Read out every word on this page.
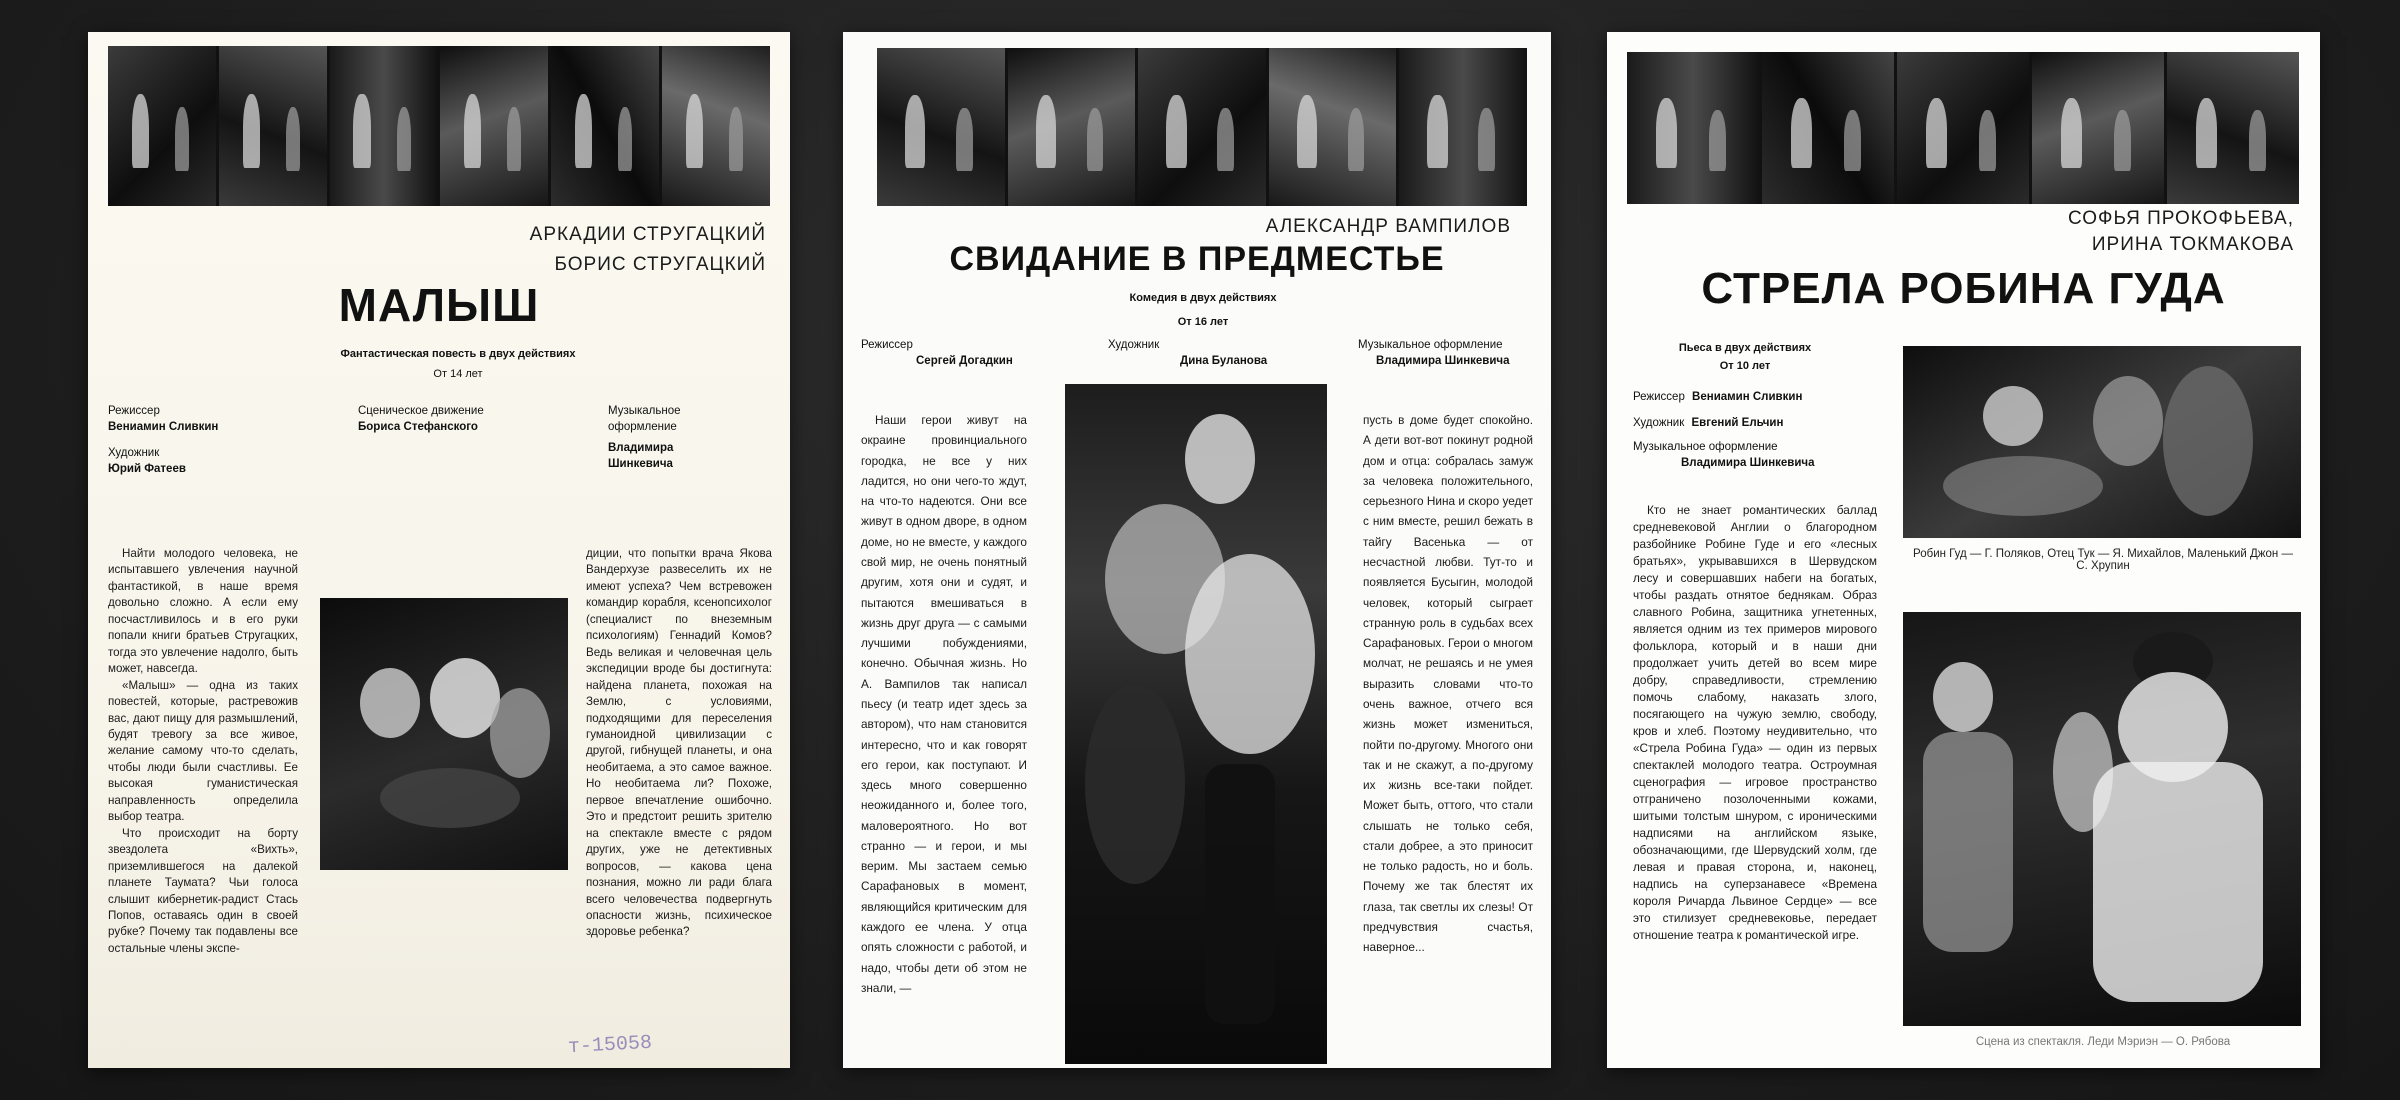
АРКАДИИ СТРУГАЦКИЙ
БОРИС СТРУГАЦКИЙ
МАЛЫШ
Фантастическая повесть в двух действиях
От 14 лет
Режиссер
Вениамин Сливкин
Сценическое движение
Бориса Стефанского
Музыкальное оформление
Владимира Шинкевича
Художник
Юрий Фатеев

Найти молодого человека, не испытавшего увлечения научной фантастикой, в наше время довольно сложно. А если ему посчастливилось и в его руки попали книги братьев Стругацких, тогда это увлечение надолго, быть может, навсегда.

«Малыш» — одна из таких повестей, которые, растревожив вас, дают пищу для размышлений, будят тревогу за все живое, желание самому что-то сделать, чтобы люди были счастливы. Ее высокая гуманистическая направленность определила выбор театра.

Что происходит на борту звездолета «Вихть», приземлившегося на далекой планете Таумата? Чьи голоса слышит кибернетик-радист Стась Попов, оставаясь один в своей рубке? Почему так подавлены все остальные члены экспе-

диции, что попытки врача Якова Вандерхузе развеселить их не имеют успеха? Чем встревожен командир корабля, ксенопсихолог (специалист по внеземным психологиям) Геннадий Комов? Ведь великая и человечная цель экспедиции вроде бы достигнута: найдена планета, похожая на Землю, с условиями, подходящими для переселения гуманоидной цивилизации с другой, гибнущей планеты, и она необитаема, а это самое важное. Но необитаема ли? Похоже, первое впечатление ошибочно. Это и предстоит решить зрителю на спектакле вместе с рядом других, уже не детективных вопросов, — какова цена познания, можно ли ради блага всего человечества подвергнуть опасности жизнь, психическое здоровье ребенка?

т-15058
АЛЕКСАНДР ВАМПИЛОВ
СВИДАНИЕ В ПРЕДМЕСТЬЕ
Комедия в двух действиях
От 16 лет
Режиссер
Сергей Догадкин
Художник
Дина Буланова
Музыкальное оформление
Владимира Шинкевича

Наши герои живут на окраине провинциального городка, не все у них ладится, но они чего-то ждут, на что-то надеются. Они все живут в одном дворе, в одном доме, но не вместе, у каждого свой мир, не очень понятный другим, хотя они и судят, и пытаются вмешиваться в жизнь друг друга — с самыми лучшими побуждениями, конечно. Обычная жизнь. Но А. Вампилов так написал пьесу (и театр идет здесь за автором), что нам становится интересно, что и как говорят его герои, как поступают. И здесь много совершенно неожиданного и, более того, маловероятного. Но вот странно — и герои, и мы верим. Мы застаем семью Сарафановых в момент, являющийся критическим для каждого ее члена. У отца опять сложности с работой, и надо, чтобы дети об этом не знали, —

пусть в доме будет спокойно. А дети вот-вот покинут родной дом и отца: собралась замуж за человека положительного, серьезного Нина и скоро уедет с ним вместе, решил бежать в тайгу Васенька — от несчастной любви. Тут-то и появляется Бусыгин, молодой человек, который сыграет странную роль в судьбах всех Сарафановых. Герои о многом молчат, не решаясь и не умея выразить словами что-то очень важное, отчего вся жизнь может измениться, пойти по-другому. Многого они так и не скажут, а по-другому их жизнь все-таки пойдет. Может быть, оттого, что стали слышать не только себя, стали добрее, а это приносит не только радость, но и боль. Почему же так блестят их глаза, так светлы их слезы! От предчувствия счастья, наверное...

СОФЬЯ ПРОКОФЬЕВА,
ИРИНА ТОКМАКОВА
СТРЕЛА РОБИНА ГУДА
Пьеса в двух действиях
От 10 лет
Режиссер Вениамин Сливкин
Художник Евгений Ельчин
Музыкальное оформление
Владимира Шинкевича

Кто не знает романтических баллад средневековой Англии о благородном разбойнике Робине Гуде и его «лесных братьях», укрывавшихся в Шервудском лесу и совершавших набеги на богатых, чтобы раздать отнятое беднякам. Образ славного Робина, защитника угнетенных, является одним из тех примеров мирового фольклора, который и в наши дни продолжает учить детей во всем мире добру, справедливости, стремлению помочь слабому, наказать злого, посягающего на чужую землю, свободу, кров и хлеб. Поэтому неудивительно, что «Стрела Робина Гуда» — один из первых спектаклей молодого театра. Остроумная сценография — игровое пространство отграничено позолоченными кожами, шитыми толстым шнуром, с ироническими надписями на английском языке, обозначающими, где Шервудский холм, где левая и правая сторона, и, наконец, надпись на суперзанавесе «Времена короля Ричарда Львиное Сердце» — все это стилизует средневековье, передает отношение театра к романтической игре.

Робин Гуд — Г. Поляков, Отец Тук — Я. Михайлов, Маленький Джон — С. Хрупин
Сцена из спектакля. Леди Мэриэн — О. Рябова
